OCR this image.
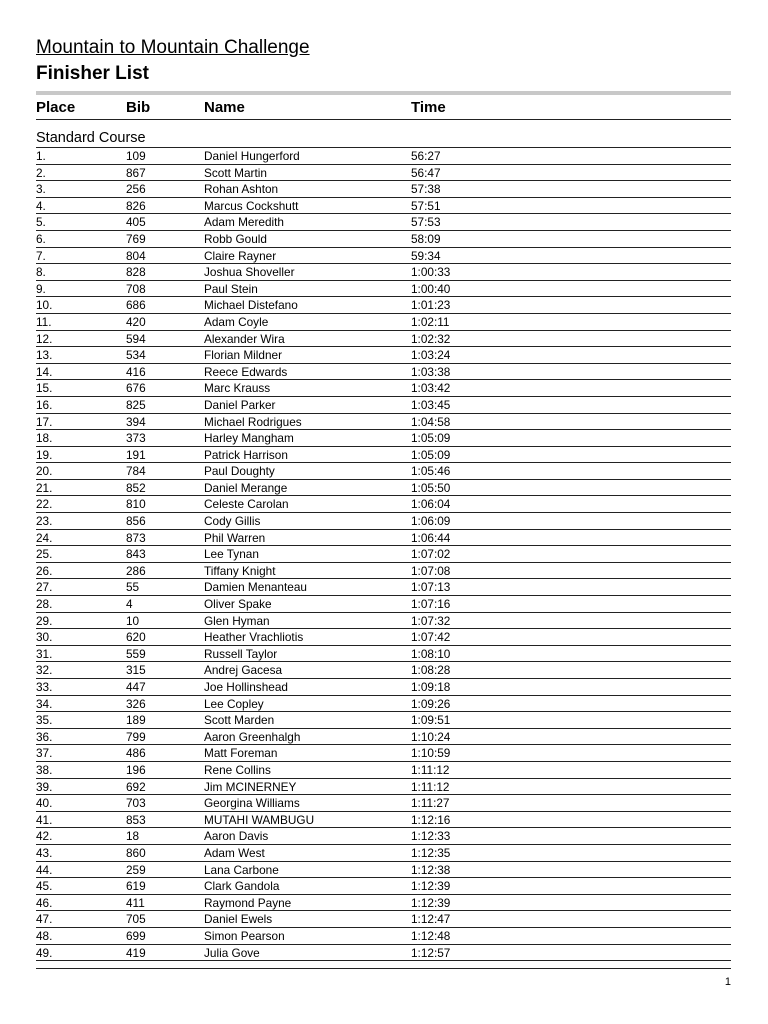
Mountain to Mountain Challenge
Finisher List
Place	Bib	Name	Time
Standard Course
1.	109	Daniel Hungerford	56:27
2.	867	Scott Martin	56:47
3.	256	Rohan Ashton	57:38
4.	826	Marcus Cockshutt	57:51
5.	405	Adam Meredith	57:53
6.	769	Robb Gould	58:09
7.	804	Claire Rayner	59:34
8.	828	Joshua Shoveller	1:00:33
9.	708	Paul Stein	1:00:40
10.	686	Michael Distefano	1:01:23
11.	420	Adam Coyle	1:02:11
12.	594	Alexander Wira	1:02:32
13.	534	Florian Mildner	1:03:24
14.	416	Reece Edwards	1:03:38
15.	676	Marc Krauss	1:03:42
16.	825	Daniel Parker	1:03:45
17.	394	Michael Rodrigues	1:04:58
18.	373	Harley Mangham	1:05:09
19.	191	Patrick Harrison	1:05:09
20.	784	Paul Doughty	1:05:46
21.	852	Daniel Merange	1:05:50
22.	810	Celeste Carolan	1:06:04
23.	856	Cody Gillis	1:06:09
24.	873	Phil Warren	1:06:44
25.	843	Lee Tynan	1:07:02
26.	286	Tiffany Knight	1:07:08
27.	55	Damien Menanteau	1:07:13
28.	4	Oliver Spake	1:07:16
29.	10	Glen Hyman	1:07:32
30.	620	Heather Vrachliotis	1:07:42
31.	559	Russell Taylor	1:08:10
32.	315	Andrej Gacesa	1:08:28
33.	447	Joe Hollinshead	1:09:18
34.	326	Lee Copley	1:09:26
35.	189	Scott Marden	1:09:51
36.	799	Aaron Greenhalgh	1:10:24
37.	486	Matt Foreman	1:10:59
38.	196	Rene Collins	1:11:12
39.	692	Jim MCINERNEY	1:11:12
40.	703	Georgina Williams	1:11:27
41.	853	MUTAHI WAMBUGU	1:12:16
42.	18	Aaron Davis	1:12:33
43.	860	Adam West	1:12:35
44.	259	Lana Carbone	1:12:38
45.	619	Clark Gandola	1:12:39
46.	411	Raymond Payne	1:12:39
47.	705	Daniel Ewels	1:12:47
48.	699	Simon Pearson	1:12:48
49.	419	Julia Gove	1:12:57
1
